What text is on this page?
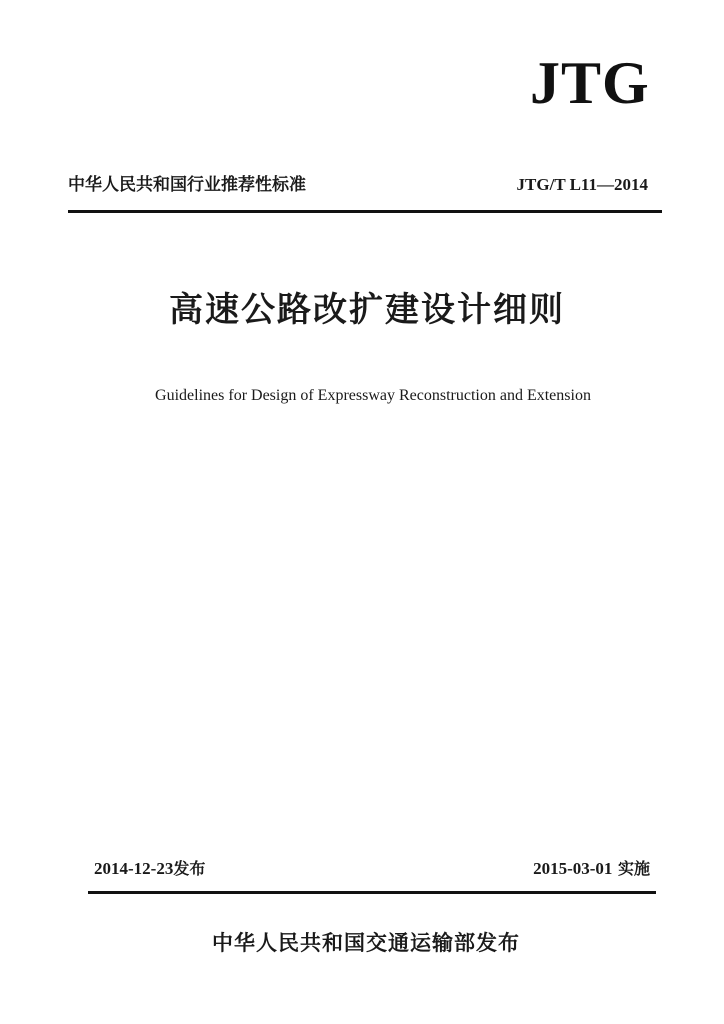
JTG
中华人民共和国行业推荐性标准	JTG/T L11—2014
高速公路改扩建设计细则
Guidelines for Design of Expressway Reconstruction and Extension
2014-12-23发布	2015-03-01 实施
中华人民共和国交通运输部发布
